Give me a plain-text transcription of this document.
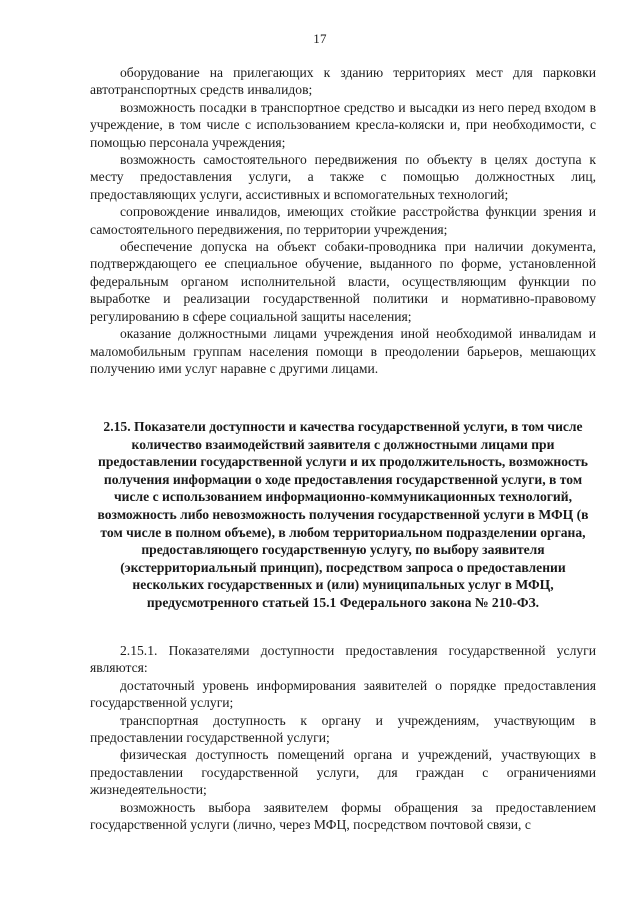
17

оборудование на прилегающих к зданию территориях мест для парковки автотранспортных средств инвалидов;

возможность посадки в транспортное средство и высадки из него перед входом в учреждение, в том числе с использованием кресла-коляски и, при необходимости, с помощью персонала учреждения;

возможность самостоятельного передвижения по объекту в целях доступа к месту предоставления услуги, а также с помощью должностных лиц, предоставляющих услуги, ассистивных и вспомогательных технологий;

сопровождение инвалидов, имеющих стойкие расстройства функции зрения и самостоятельного передвижения, по территории учреждения;

обеспечение допуска на объект собаки-проводника при наличии документа, подтверждающего ее специальное обучение, выданного по форме, установленной федеральным органом исполнительной власти, осуществляющим функции по выработке и реализации государственной политики и нормативно-правовому регулированию в сфере социальной защиты населения;

оказание должностными лицами учреждения иной необходимой инвалидам и маломобильным группам населения помощи в преодолении барьеров, мешающих получению ими услуг наравне с другими лицами.

2.15. Показатели доступности и качества государственной услуги, в том числе количество взаимодействий заявителя с должностными лицами при предоставлении государственной услуги и их продолжительность, возможность получения информации о ходе предоставления государственной услуги, в том числе с использованием информационно-коммуникационных технологий, возможность либо невозможность получения государственной услуги в МФЦ (в том числе в полном объеме), в любом территориальном подразделении органа, предоставляющего государственную услугу, по выбору заявителя (экстерриториальный принцип), посредством запроса о предоставлении нескольких государственных и (или) муниципальных услуг в МФЦ, предусмотренного статьей 15.1 Федерального закона № 210-ФЗ.

2.15.1. Показателями доступности предоставления государственной услуги являются:

достаточный уровень информирования заявителей о порядке предоставления государственной услуги;

транспортная доступность к органу и учреждениям, участвующим в предоставлении государственной услуги;

физическая доступность помещений органа и учреждений, участвующих в предоставлении государственной услуги, для граждан с ограничениями жизнедеятельности;

возможность выбора заявителем формы обращения за предоставлением государственной услуги (лично, через МФЦ, посредством почтовой связи, с
